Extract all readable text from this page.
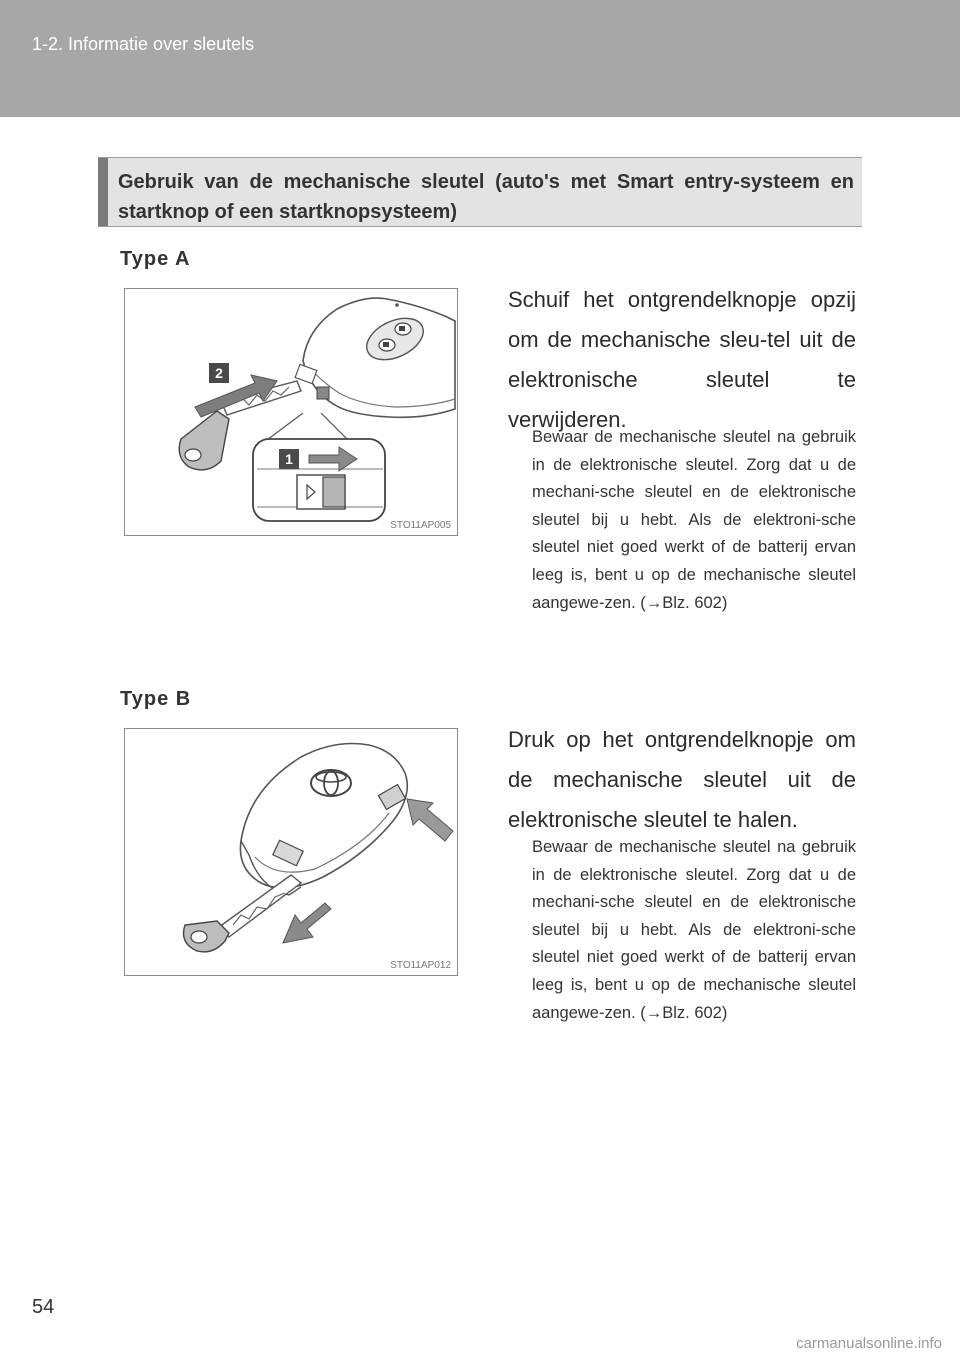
1-2. Informatie over sleutels
Gebruik van de mechanische sleutel (auto's met Smart entry-systeem en startknop of een startknopsysteem)
Type A
2
1
STO11AP005
Schuif het ontgrendelknopje opzij om de mechanische sleu-tel uit de elektronische sleutel te verwijderen.
Bewaar de mechanische sleutel na gebruik in de elektronische sleutel. Zorg dat u de mechani-sche sleutel en de elektronische sleutel bij u hebt. Als de elektroni-sche sleutel niet goed werkt of de batterij ervan leeg is, bent u op de mechanische sleutel aangewe-zen. (→Blz. 602)
Type B
STO11AP012
Druk op het ontgrendelknopje om de mechanische sleutel uit de elektronische sleutel te halen.
Bewaar de mechanische sleutel na gebruik in de elektronische sleutel. Zorg dat u de mechani-sche sleutel en de elektronische sleutel bij u hebt. Als de elektroni-sche sleutel niet goed werkt of de batterij ervan leeg is, bent u op de mechanische sleutel aangewe-zen. (→Blz. 602)
54
carmanualsonline.info
